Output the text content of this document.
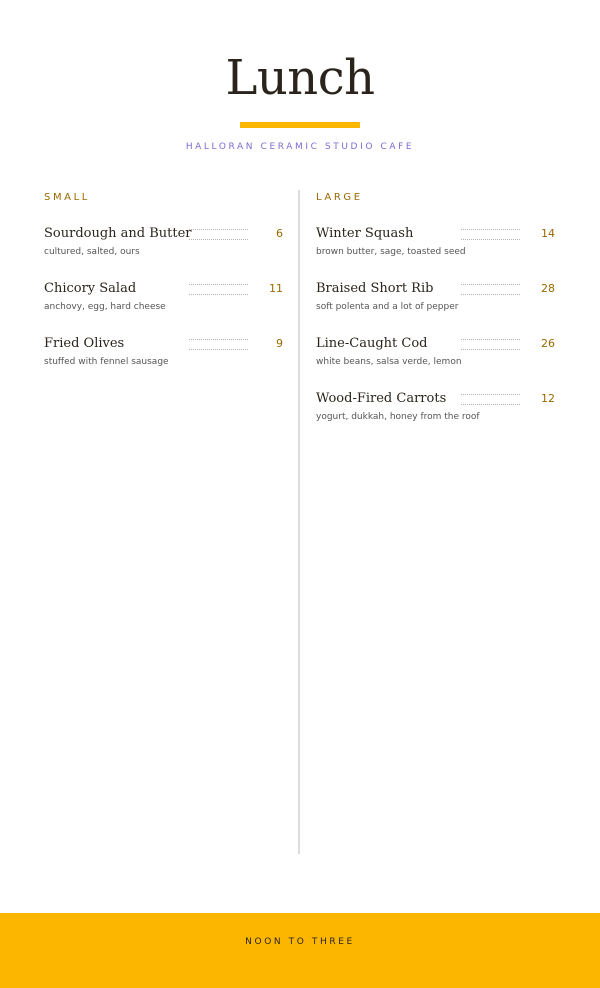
Lunch
HALLORAN CERAMIC STUDIO CAFE
SMALL
Sourdough and Butter	6
cultured, salted, ours
Chicory Salad	11
anchovy, egg, hard cheese
Fried Olives	9
stuffed with fennel sausage
LARGE
Winter Squash	14
brown butter, sage, toasted seed
Braised Short Rib	28
soft polenta and a lot of pepper
Line-Caught Cod	26
white beans, salsa verde, lemon
Wood-Fired Carrots	12
yogurt, dukkah, honey from the roof
NOON TO THREE
